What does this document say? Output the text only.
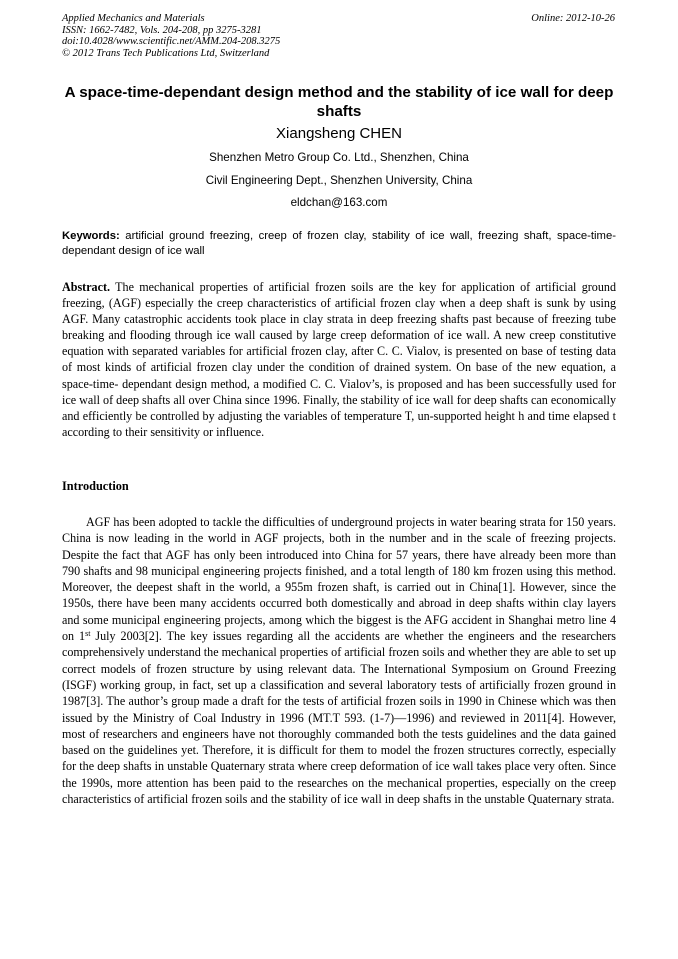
Applied Mechanics and Materials
ISSN: 1662-7482, Vols. 204-208, pp 3275-3281
doi:10.4028/www.scientific.net/AMM.204-208.3275
© 2012 Trans Tech Publications Ltd, Switzerland
Online: 2012-10-26
A space-time-dependant design method and the stability of ice wall for deep shafts

Xiangsheng CHEN

Shenzhen Metro Group Co. Ltd., Shenzhen, China

Civil Engineering Dept., Shenzhen University, China

eldchan@163.com

Keywords: artificial ground freezing, creep of frozen clay, stability of ice wall, freezing shaft, space-time-dependant design of ice wall

Abstract. The mechanical properties of artificial frozen soils are the key for application of artificial ground freezing, (AGF) especially the creep characteristics of artificial frozen clay when a deep shaft is sunk by using AGF. Many catastrophic accidents took place in clay strata in deep freezing shafts past because of freezing tube breaking and flooding through ice wall caused by large creep deformation of ice wall. A new creep constitutive equation with separated variables for artificial frozen clay, after C. C. Vialov, is presented on base of testing data of most kinds of artificial frozen clay under the condition of drained system. On base of the new equation, a space-time- dependant design method, a modified C. C. Vialov’s, is proposed and has been successfully used for ice wall of deep shafts all over China since 1996. Finally, the stability of ice wall for deep shafts can economically and efficiently be controlled by adjusting the variables of temperature T, un-supported height h and time elapsed t according to their sensitivity or influence.

Introduction

AGF has been adopted to tackle the difficulties of underground projects in water bearing strata for 150 years. China is now leading in the world in AGF projects, both in the number and in the scale of freezing projects. Despite the fact that AGF has only been introduced into China for 57 years, there have already been more than 790 shafts and 98 municipal engineering projects finished, and a total length of 180 km frozen using this method. Moreover, the deepest shaft in the world, a 955m frozen shaft, is carried out in China[1]. However, since the 1950s, there have been many accidents occurred both domestically and abroad in deep shafts within clay layers and some municipal engineering projects, among which the biggest is the AFG accident in Shanghai metro line 4 on 1st July 2003[2]. The key issues regarding all the accidents are whether the engineers and the researchers comprehensively understand the mechanical properties of artificial frozen soils and whether they are able to set up correct models of frozen structure by using relevant data. The International Symposium on Ground Freezing (ISGF) working group, in fact, set up a classification and several laboratory tests of artificially frozen ground in 1987[3]. The author’s group made a draft for the tests of artificial frozen soils in 1990 in Chinese which was then issued by the Ministry of Coal Industry in 1996 (MT.T 593. (1-7)—1996) and reviewed in 2011[4]. However, most of researchers and engineers have not thoroughly commanded both the tests guidelines and the data gained based on the guidelines yet. Therefore, it is difficult for them to model the frozen structures correctly, especially for the deep shafts in unstable Quaternary strata where creep deformation of ice wall takes place very often. Since the 1990s, more attention has been paid to the researches on the mechanical properties, especially on the creep characteristics of artificial frozen soils and the stability of ice wall in deep shafts in the unstable Quaternary strata.
